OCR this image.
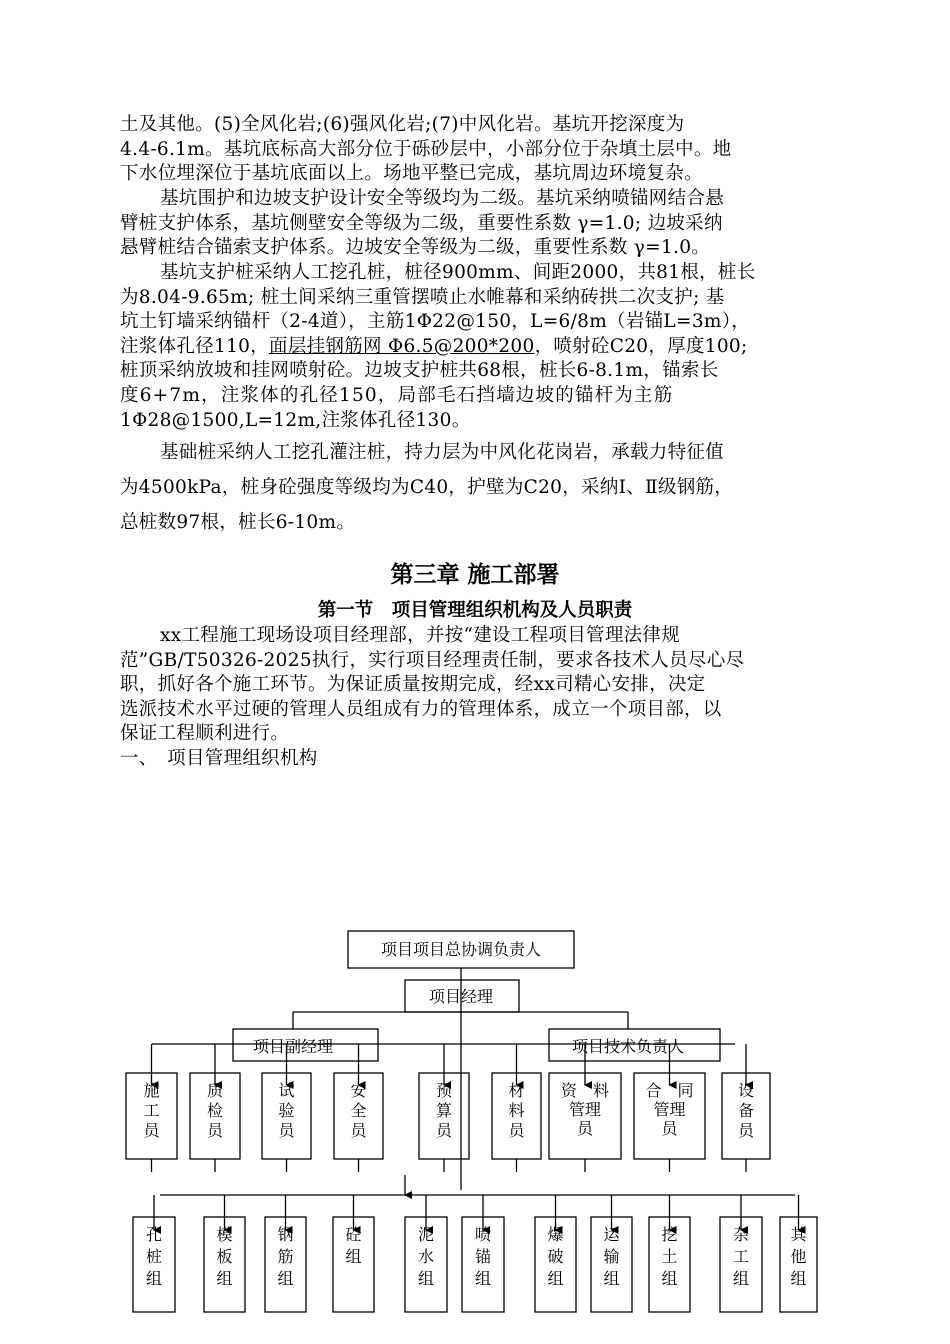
土及其他。(5)全风化岩;(6)强风化岩;(7)中风化岩。基坑开挖深度为
4.4-6.1m。基坑底标高大部分位于砾砂层中，小部分位于杂填土层中。地
下水位埋深位于基坑底面以上。场地平整已完成，基坑周边环境复杂。
基坑围护和边坡支护设计安全等级均为二级。基坑采纳喷锚网结合悬
臂桩支护体系，基坑侧壁安全等级为二级，重要性系数 γ=1.0; 边坡采纳
悬臂桩结合锚索支护体系。边坡安全等级为二级，重要性系数 γ=1.0。
基坑支护桩采纳人工挖孔桩，桩径900mm、间距2000，共81根，桩长
为8.04-9.65m; 桩土间采纳三重管摆喷止水帷幕和采纳砖拱二次支护; 基
坑土钉墙采纳锚杆（2-4道），主筋1Φ22@150，L=6/8m（岩锚L=3m），
注浆体孔径110，面层挂钢筋网 Φ6.5@200*200，喷射砼C20，厚度100;
桩顶采纳放坡和挂网喷射砼。边坡支护桩共68根，桩长6-8.1m，锚索长
度6+7m，注浆体的孔径150，局部毛石挡墙边坡的锚杆为主筋
1Φ28@1500,L=12m,注浆体孔径130。
基础桩采纳人工挖孔灌注桩，持力层为中风化花岗岩，承载力特征值
为4500kPa，桩身砼强度等级均为C40，护壁为C20，采纳Ⅰ、Ⅱ级钢筋，
总桩数97根，桩长6-10m。
第三章 施工部署
第一节　项目管理组织机构及人员职责
xx工程施工现场设项目经理部，并按“建设工程项目管理法律规
范”GB/T50326-2025执行，实行项目经理责任制，要求各技术人员尽心尽
职，抓好各个施工环节。为保证质量按期完成，经xx司精心安排，决定
选派技术水平过硬的管理人员组成有力的管理体系，成立一个项目部，以
保证工程顺利进行。
一、　项目管理组织机构
项目项目总协调负责人
项目经理
项目副经理	项目技术负责人
施
工
员
质
检
员
试
验
员
安
全
员
预
算
员
材
料
员
资　料
管理
员
合　同
管理
员
设
备
员
孔
桩
组
模
板
组
钢
筋
组
砼
组
泥
水
组
喷
锚
组
爆
破
组
运
输
组
挖
土
组
杂
工
组
其
他
组
